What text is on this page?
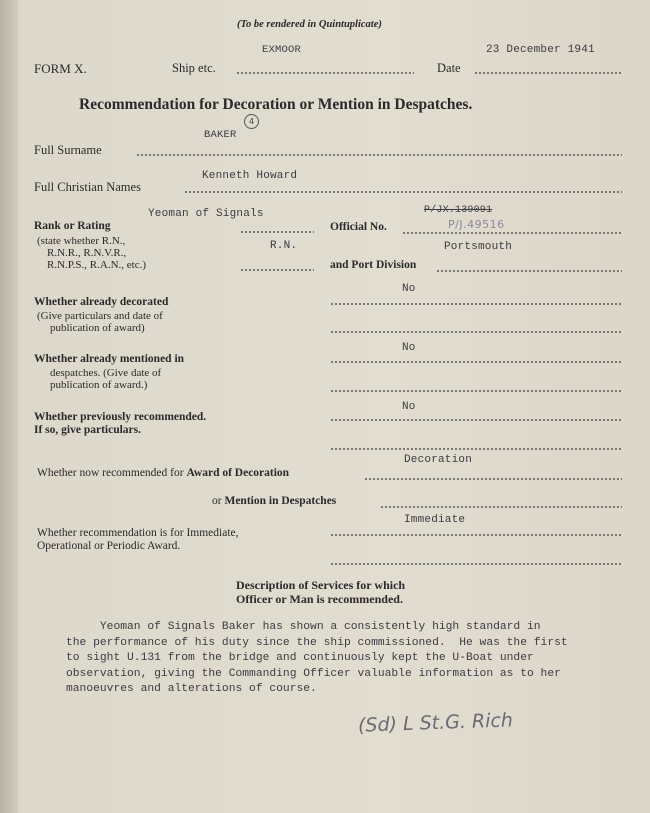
(To be rendered in Quintuplicate)
FORM X.	Ship etc.
EXMOOR
Date
23 December 1941
Recommendation for Decoration or Mention in Despatches.
Full Surname
BAKER
4
Full Christian Names
Kenneth Howard
Yeoman of Signals
Rank or Rating
(state whether R.N.,
R.N.R., R.N.V.R.,
R.N.P.S., R.A.N., etc.)
R.N.
Official No.
P/JX.139091
P/J.49516
Portsmouth
and Port Division
No
Whether already decorated
(Give particulars and date of
publication of award)
No
Whether already mentioned in
despatches. (Give date of
publication of award.)
No
Whether previously recommended.
If so, give particulars.
Decoration
Whether now recommended for Award of Decoration
or Mention in Despatches
Immediate
Whether recommendation is for Immediate,
Operational or Periodic Award.
Description of Services for which
Officer or Man is recommended.
Yeoman of Signals Baker has shown a consistently high standard in
the performance of his duty since the ship commissioned.  He was the first
to sight U.131 from the bridge and continuously kept the U-Boat under
observation, giving the Commanding Officer valuable information as to her
manoeuvres and alterations of course.
(Sd) L St.G. Rich
